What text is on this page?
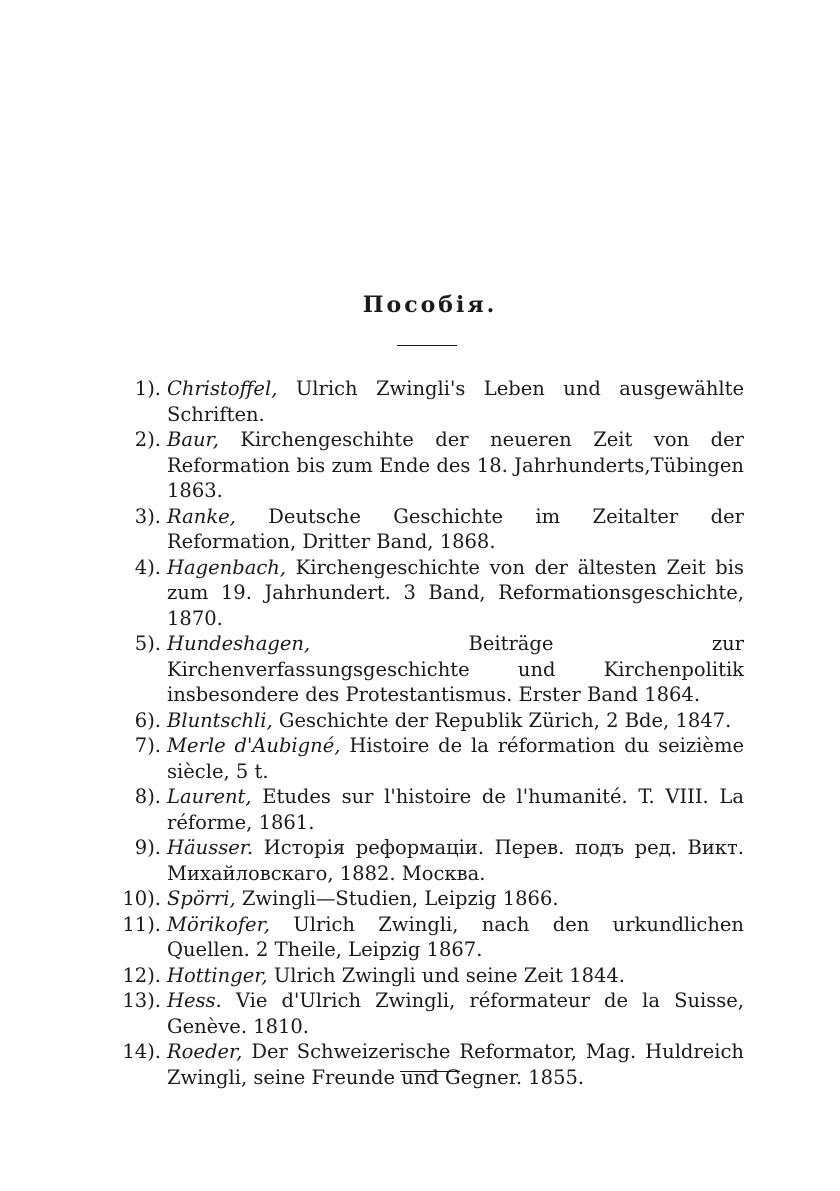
Пособія.
1). Christoffel, Ulrich Zwingli's Leben und ausgewählte Schriften.
2). Baur, Kirchengeschihte der neueren Zeit von der Reformation bis zum Ende des 18. Jahrhunderts,Tübingen 1863.
3). Ranke, Deutsche Geschichte im Zeitalter der Reformation, Dritter Band, 1868.
4). Hagenbach, Kirchengeschichte von der ältesten Zeit bis zum 19. Jahrhundert. 3 Band, Reformationsgeschichte, 1870.
5). Hundeshagen, Beiträge zur Kirchenverfassungsgeschichte und Kirchenpolitik insbesondere des Protestantismus. Erster Band 1864.
6). Bluntschli, Geschichte der Republik Zürich, 2 Bde, 1847.
7). Merle d'Aubigné, Histoire de la réformation du seizième siècle, 5 t.
8). Laurent, Etudes sur l'histoire de l'humanité. T. VIII. La réforme, 1861.
9). Häusser. Исторія реформаціи. Перев. подъ ред. Викт. Михайловскаго, 1882. Москва.
10). Spörri, Zwingli—Studien, Leipzig 1866.
11). Mörikofer, Ulrich Zwingli, nach den urkundlichen Quellen. 2 Theile, Leipzig 1867.
12). Hottinger, Ulrich Zwingli und seine Zeit 1844.
13). Hess. Vie d'Ulrich Zwingli, réformateur de la Suisse, Genève. 1810.
14). Roeder, Der Schweizerische Reformator, Mag. Huldreich Zwingli, seine Freunde und Gegner. 1855.
